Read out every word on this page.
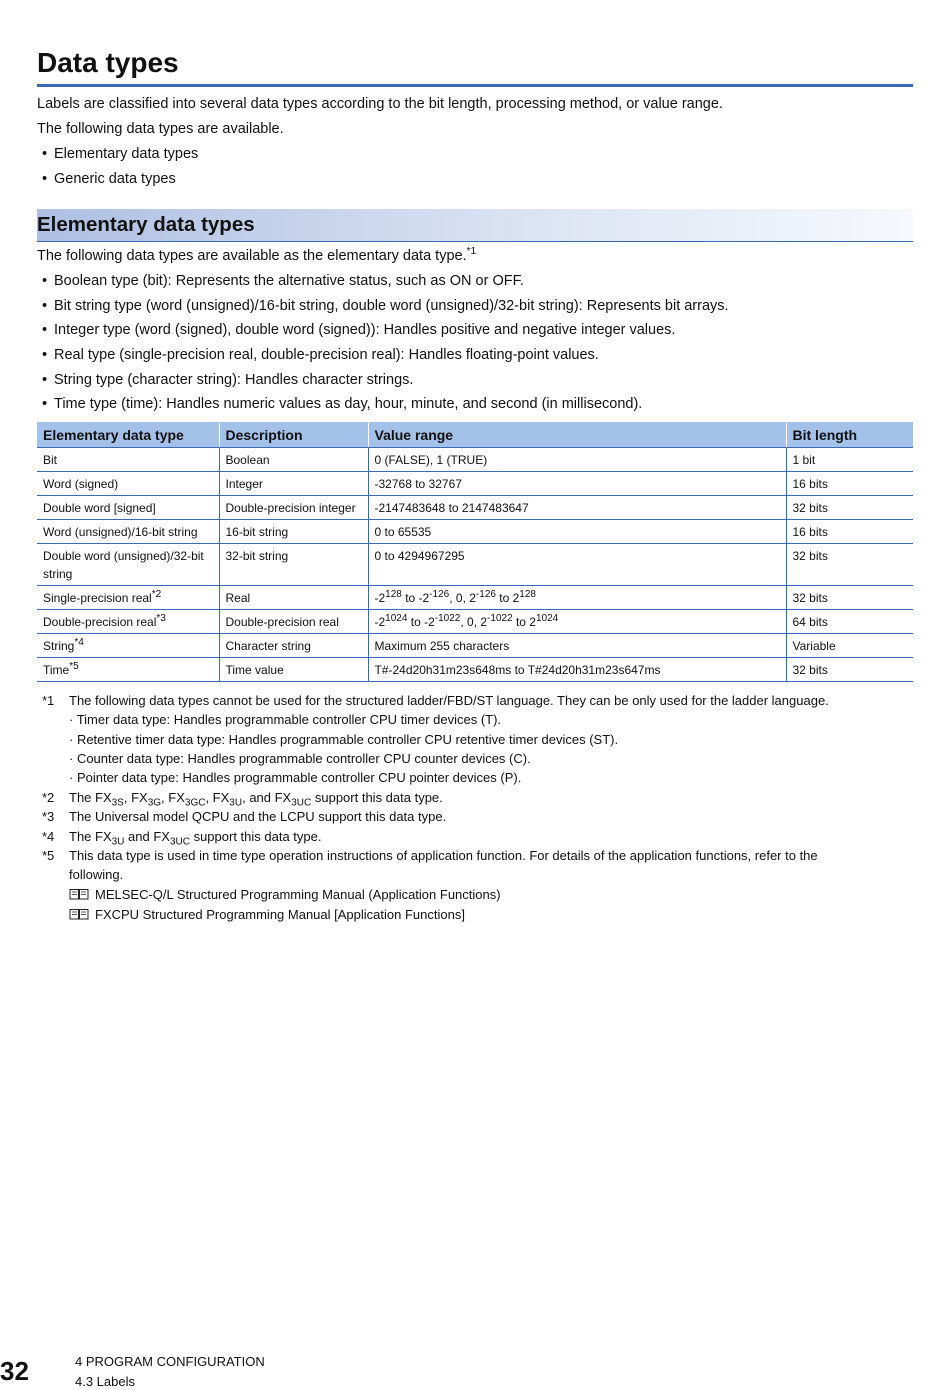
Data types
Labels are classified into several data types according to the bit length, processing method, or value range.
The following data types are available.
• Elementary data types
• Generic data types
Elementary data types
The following data types are available as the elementary data type.$^{*1}$
• Boolean type (bit): Represents the alternative status, such as ON or OFF.
• Bit string type (word (unsigned)/16-bit string, double word (unsigned)/32-bit string): Represents bit arrays.
• Integer type (word (signed), double word (signed)): Handles positive and negative integer values.
• Real type (single-precision real, double-precision real): Handles floating-point values.
• String type (character string): Handles character strings.
• Time type (time): Handles numeric values as day, hour, minute, and second (in millisecond).
Elementary data type	Description	Value range	Bit length
Bit	Boolean	0 (FALSE), 1 (TRUE)	1 bit
Word (signed)	Integer	-32768 to 32767	16 bits
Double word [signed]	Double-precision integer	-2147483648 to 2147483647	32 bits
Word (unsigned)/16-bit string	16-bit string	0 to 65535	16 bits
Double word (unsigned)/32-bit string	32-bit string	0 to 4294967295	32 bits
Single-precision real$^{*2}$	Real	$-2^{128}$ to $-2^{-126}$, 0, $2^{-126}$ to $2^{128}$	32 bits
Double-precision real$^{*3}$	Double-precision real	$-2^{1024}$ to $-2^{-1022}$, 0, $2^{-1022}$ to $2^{1024}$	64 bits
String$^{*4}$	Character string	Maximum 255 characters	Variable
Time$^{*5}$	Time value	T#-24d20h31m23s648ms to T#24d20h31m23s647ms	32 bits
*1 The following data types cannot be used for the structured ladder/FBD/ST language. They can be only used for the ladder language.
· Timer data type: Handles programmable controller CPU timer devices (T).
· Retentive timer data type: Handles programmable controller CPU retentive timer devices (ST).
· Counter data type: Handles programmable controller CPU counter devices (C).
· Pointer data type: Handles programmable controller CPU pointer devices (P).
*2 The $FX_{3S}$, $FX_{3G}$, $FX_{3GC}$, $FX_{3U}$, and $FX_{3UC}$ support this data type.
*3 The Universal model QCPU and the LCPU support this data type.
*4 The $FX_{3U}$ and $FX_{3UC}$ support this data type.
*5 This data type is used in time type operation instructions of application function. For details of the application functions, refer to the
following.
MELSEC-Q/L Structured Programming Manual (Application Functions)
FXCPU Structured Programming Manual [Application Functions]
32	4 PROGRAM CONFIGURATION
4.3 Labels
